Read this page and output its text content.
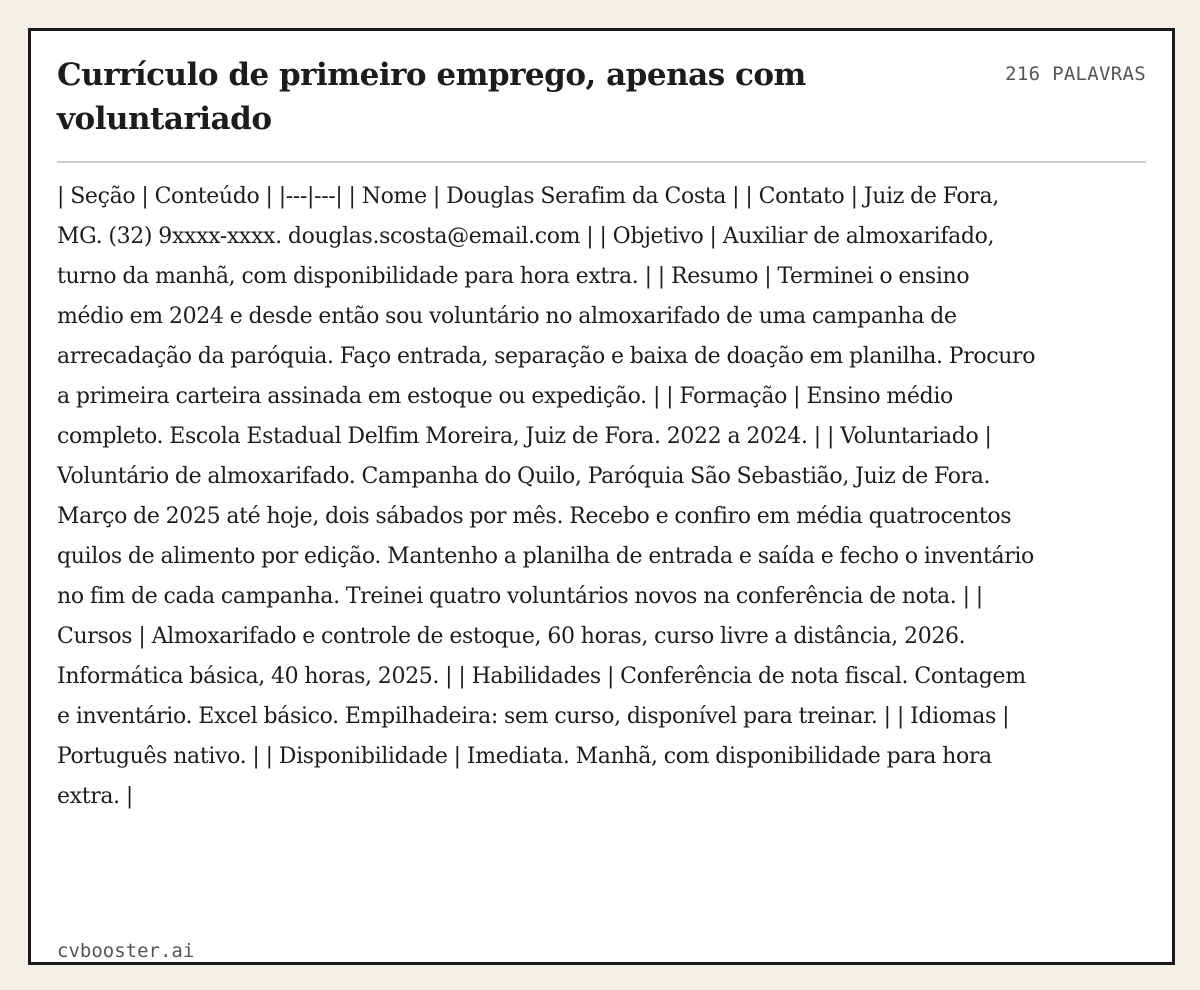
Currículo de primeiro emprego, apenas com voluntariado
216 PALAVRAS

| Seção | Conteúdo | |---|---| | Nome | Douglas Serafim da Costa | | Contato | Juiz de Fora, MG. (32) 9xxxx-xxxx. douglas.scosta@email.com | | Objetivo | Auxiliar de almoxarifado, turno da manhã, com disponibilidade para hora extra. | | Resumo | Terminei o ensino médio em 2024 e desde então sou voluntário no almoxarifado de uma campanha de arrecadação da paróquia. Faço entrada, separação e baixa de doação em planilha. Procuro a primeira carteira assinada em estoque ou expedição. | | Formação | Ensino médio completo. Escola Estadual Delfim Moreira, Juiz de Fora. 2022 a 2024. | | Voluntariado | Voluntário de almoxarifado. Campanha do Quilo, Paróquia São Sebastião, Juiz de Fora. Março de 2025 até hoje, dois sábados por mês. Recebo e confiro em média quatrocentos quilos de alimento por edição. Mantenho a planilha de entrada e saída e fecho o inventário no fim de cada campanha. Treinei quatro voluntários novos na conferência de nota. | | Cursos | Almoxarifado e controle de estoque, 60 horas, curso livre a distância, 2026. Informática básica, 40 horas, 2025. | | Habilidades | Conferência de nota fiscal. Contagem e inventário. Excel básico. Empilhadeira: sem curso, disponível para treinar. | | Idiomas | Português nativo. | | Disponibilidade | Imediata. Manhã, com disponibilidade para hora extra. |

cvbooster.ai
